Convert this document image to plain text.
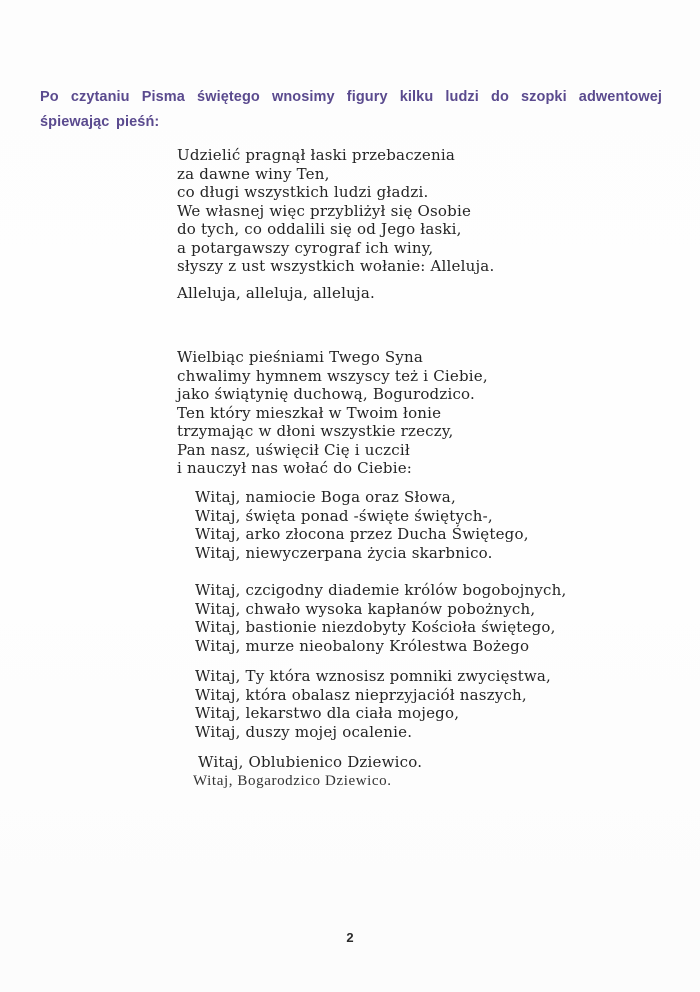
Po czytaniu Pisma świętego wnosimy figury kilku ludzi do szopki adwentowej śpiewając pieśń:

Udzielić pragnął łaski przebaczenia
za dawne winy Ten,
co długi wszystkich ludzi gładzi.
We własnej więc przybliżył się Osobie
do tych, co oddalili się od Jego łaski,
a potargawszy cyrograf ich winy,
słyszy z ust wszystkich wołanie: Alleluja.
Alleluja, alleluja, alleluja.
Wielbiąc pieśniami Twego Syna
chwalimy hymnem wszyscy też i Ciebie,
jako świątynię duchową, Bogurodzico.
Ten który mieszkał w Twoim łonie
trzymając w dłoni wszystkie rzeczy,
Pan nasz, uświęcił Cię i uczcił
i nauczył nas wołać do Ciebie:
Witaj, namiocie Boga oraz Słowa,
Witaj, święta ponad -święte świętych-,
Witaj, arko złocona przez Ducha Świętego,
Witaj, niewyczerpana życia skarbnico.
Witaj, czcigodny diademie królów bogobojnych,
Witaj, chwało wysoka kapłanów pobożnych,
Witaj, bastionie niezdobyty Kościoła świętego,
Witaj, murze nieobalony Królestwa Bożego
Witaj, Ty która wznosisz pomniki zwycięstwa,
Witaj, która obalasz nieprzyjaciół naszych,
Witaj, lekarstwo dla ciała mojego,
Witaj, duszy mojej ocalenie.
Witaj, Oblubienico Dziewico.
Witaj, Bogarodzico Dziewico.
2
